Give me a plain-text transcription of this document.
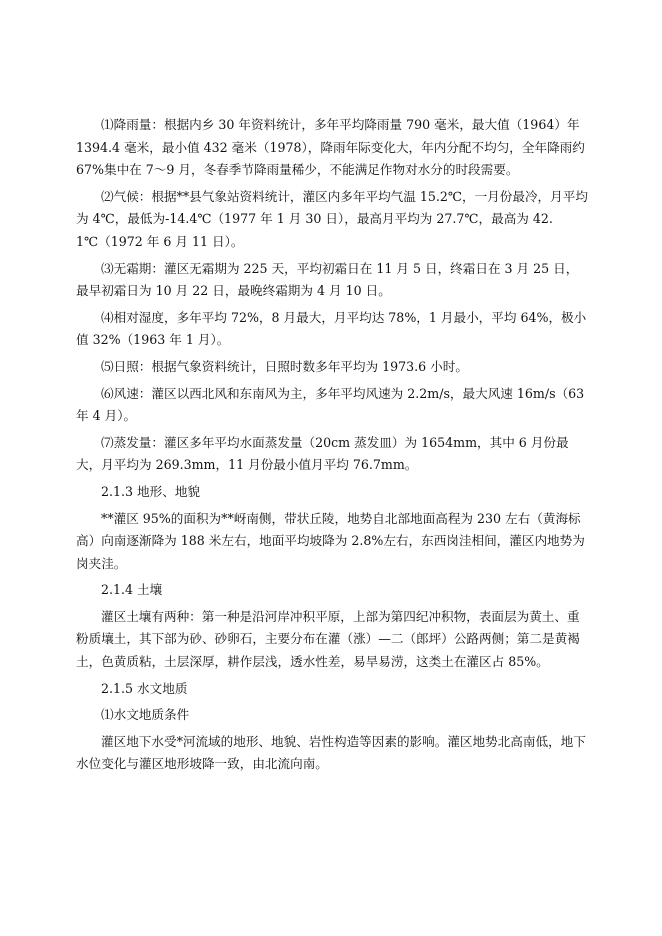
⑴降雨量：根据内乡 30 年资料统计，多年平均降雨量 790 毫米，最大值（1964）年 1394.4 毫米，最小值 432 毫米（1978），降雨年际变化大，年内分配不均匀，全年降雨约 67%集中在 7～9 月，冬春季节降雨量稀少，不能满足作物对水分的时段需要。

⑵气候：根据**县气象站资料统计，灌区内多年平均气温 15.2℃，一月份最冷，月平均为 4℃，最低为-14.4℃（1977 年 1 月 30 日），最高月平均为 27.7℃，最高为 42.1℃（1972 年 6 月 11 日）。

⑶无霜期：灌区无霜期为 225 天，平均初霜日在 11 月 5 日，终霜日在 3 月 25 日，最早初霜日为 10 月 22 日，最晚终霜期为 4 月 10 日。

⑷相对湿度，多年平均 72%，8 月最大，月平均达 78%，1 月最小，平均 64%，极小值 32%（1963 年 1 月）。

⑸日照：根据气象资料统计，日照时数多年平均为 1973.6 小时。

⑹风速：灌区以西北风和东南风为主，多年平均风速为 2.2m/s，最大风速 16m/s（63 年 4 月）。

⑺蒸发量：灌区多年平均水面蒸发量（20cm 蒸发皿）为 1654mm，其中 6 月份最大，月平均为 269.3mm，11 月份最小值月平均 76.7mm。

2.1.3 地形、地貌

**灌区 95%的面积为**岈南侧，带状丘陵，地势自北部地面高程为 230 左右（黄海标高）向南逐渐降为 188 米左右，地面平均坡降为 2.8%左右，东西岗洼相间，灌区内地势为岗夹洼。

2.1.4 土壤

灌区土壤有两种：第一种是沿河岸冲积平原，上部为第四纪冲积物，表面层为黄土、重粉质壤土，其下部为砂、砂卵石，主要分布在灌（涨）—二（郎坪）公路两侧；第二是黄褐土，色黄质粘，土层深厚，耕作层浅，透水性差，易旱易涝，这类土在灌区占 85%。

2.1.5 水文地质

⑴水文地质条件

灌区地下水受*河流域的地形、地貌、岩性构造等因素的影响。灌区地势北高南低，地下水位变化与灌区地形坡降一致，由北流向南。
